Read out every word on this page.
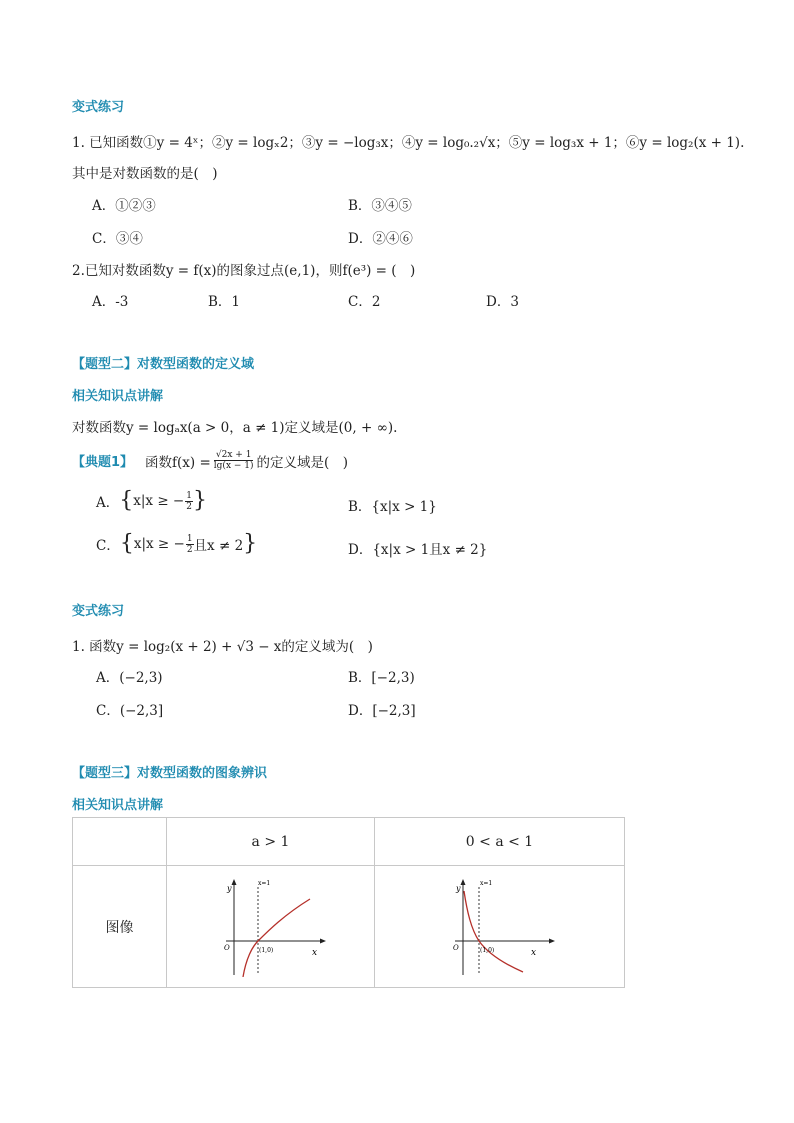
变式练习
1. 已知函数①y = 4ˣ；②y = logₓ2；③y = −log₃x；④y = log₀.₂√x；⑤y = log₃x + 1；⑥y = log₂(x + 1).
其中是对数函数的是(　)
A．①②③	B．③④⑤
C．③④	D．②④⑥
2.已知对数函数y = f(x)的图象过点(e,1)，则f(e³) = (　)
A．-3	B．1	C．2	D．3
【题型二】对数型函数的定义域
相关知识点讲解
对数函数y = logₐx(a > 0，a ≠ 1)定义域是(0, + ∞).
【典题1】 函数$f(x) = \frac{√2x + 1}{\lg(x - 1)}$ 的定义域是(　)
A． { x|x ≥ − $\frac{1}{2}$ }	B．{x|x > 1}
C． { x|x ≥ − $\frac{1}{2}$ 且x ≠ 2 }	D．{x|x > 1且x ≠ 2}
变式练习
1. 函数y = log₂(x + 2) + √3 − x的定义域为(　)
A．(−2,3)	B．[−2,3)
C．(−2,3]	D．[−2,3]
【题型三】对数型函数的图象辨识
相关知识点讲解
	a > 1	0 < a < 1
图像	y
x
O
x=1
(1,0)	y
x
O
x=1
(1,0)
